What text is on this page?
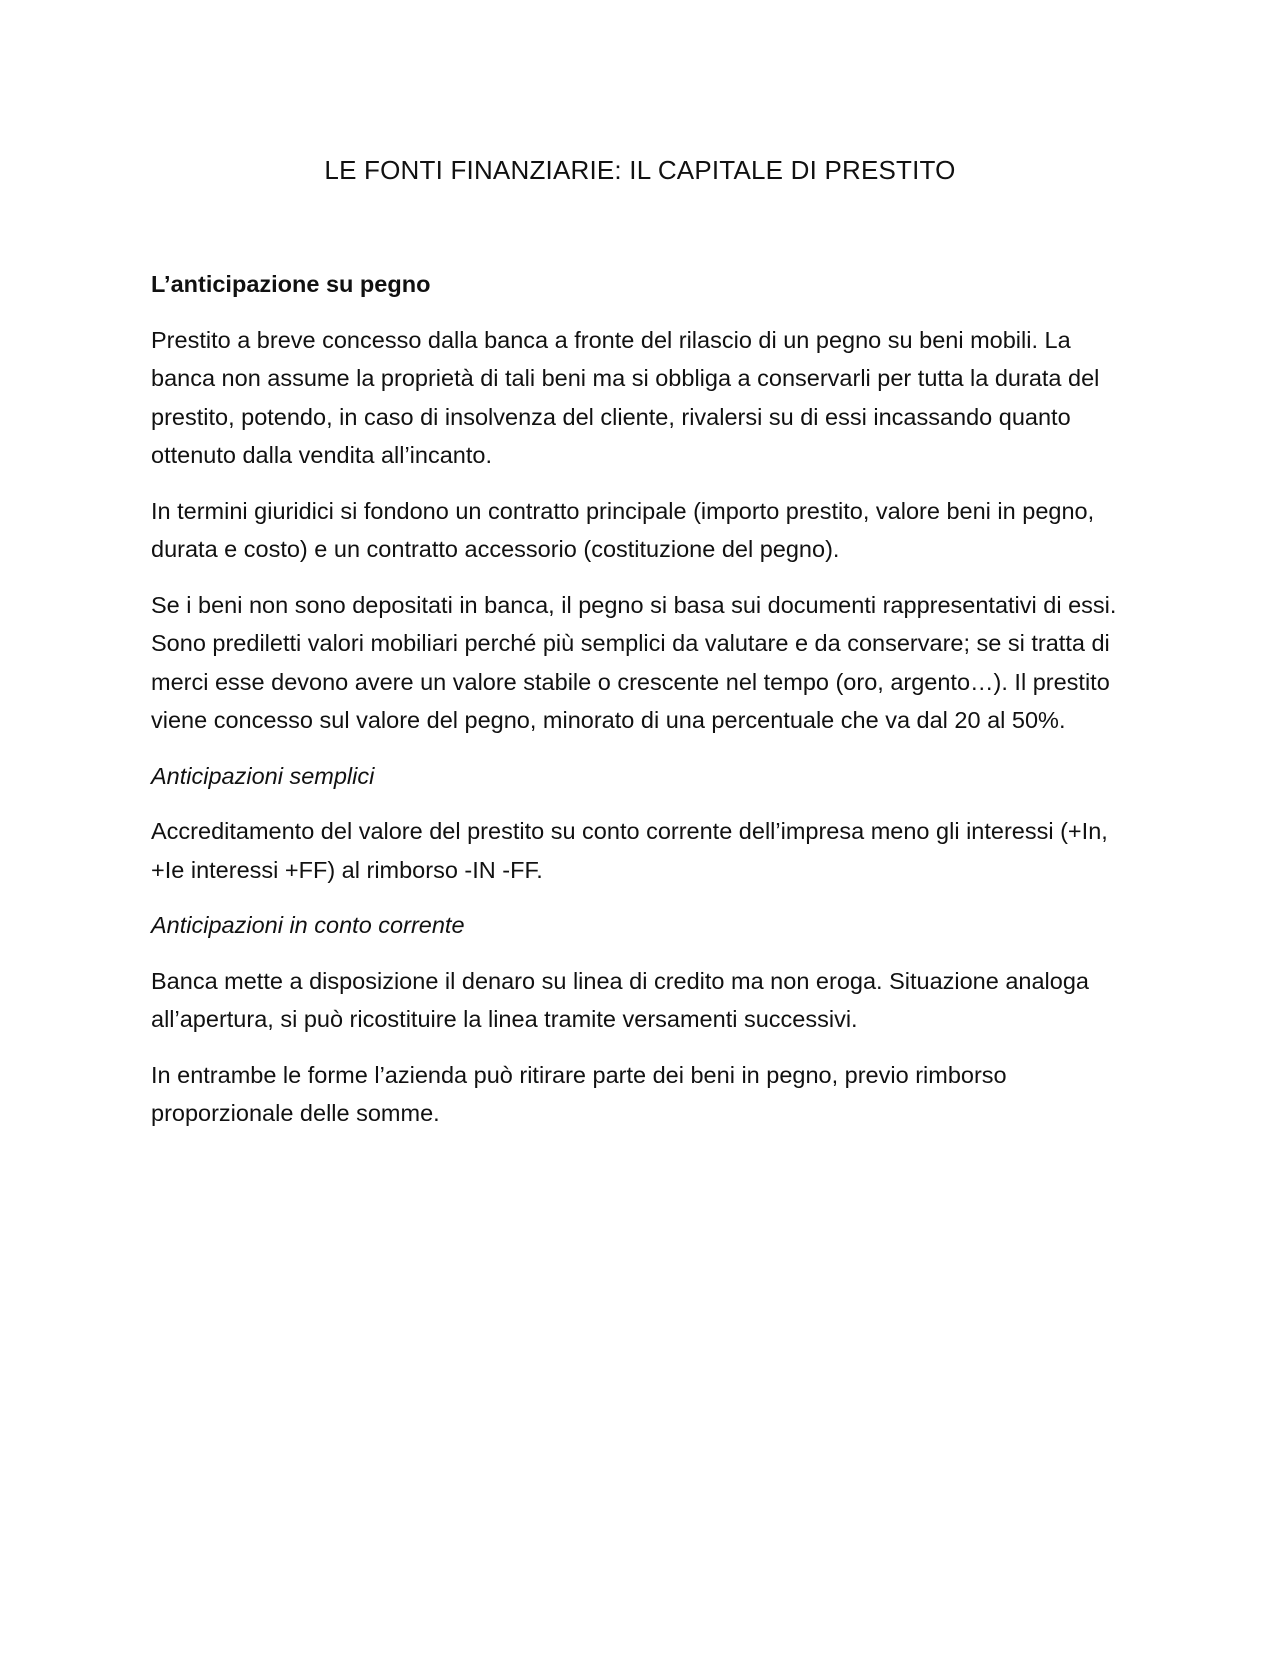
LE FONTI FINANZIARIE: IL CAPITALE DI PRESTITO
L’anticipazione su pegno

Prestito a breve concesso dalla banca a fronte del rilascio di un pegno su beni mobili. La banca non assume la proprietà di tali beni ma si obbliga a conservarli per tutta la durata del prestito, potendo, in caso di insolvenza del cliente, rivalersi su di essi incassando quanto ottenuto dalla vendita all’incanto.

In termini giuridici si fondono un contratto principale (importo prestito, valore beni in pegno, durata e costo) e un contratto accessorio (costituzione del pegno).

Se i beni non sono depositati in banca, il pegno si basa sui documenti rappresentativi di essi. Sono prediletti valori mobiliari perché più semplici da valutare e da conservare; se si tratta di merci esse devono avere un valore stabile o crescente nel tempo (oro, argento…). Il prestito viene concesso sul valore del pegno, minorato di una percentuale che va dal 20 al 50%.

Anticipazioni semplici

Accreditamento del valore del prestito su conto corrente dell’impresa meno gli interessi (+In, +Ie interessi +FF) al rimborso -IN -FF.

Anticipazioni in conto corrente

Banca mette a disposizione il denaro su linea di credito ma non eroga. Situazione analoga all’apertura, si può ricostituire la linea tramite versamenti successivi.

In entrambe le forme l’azienda può ritirare parte dei beni in pegno, previo rimborso proporzionale delle somme.
